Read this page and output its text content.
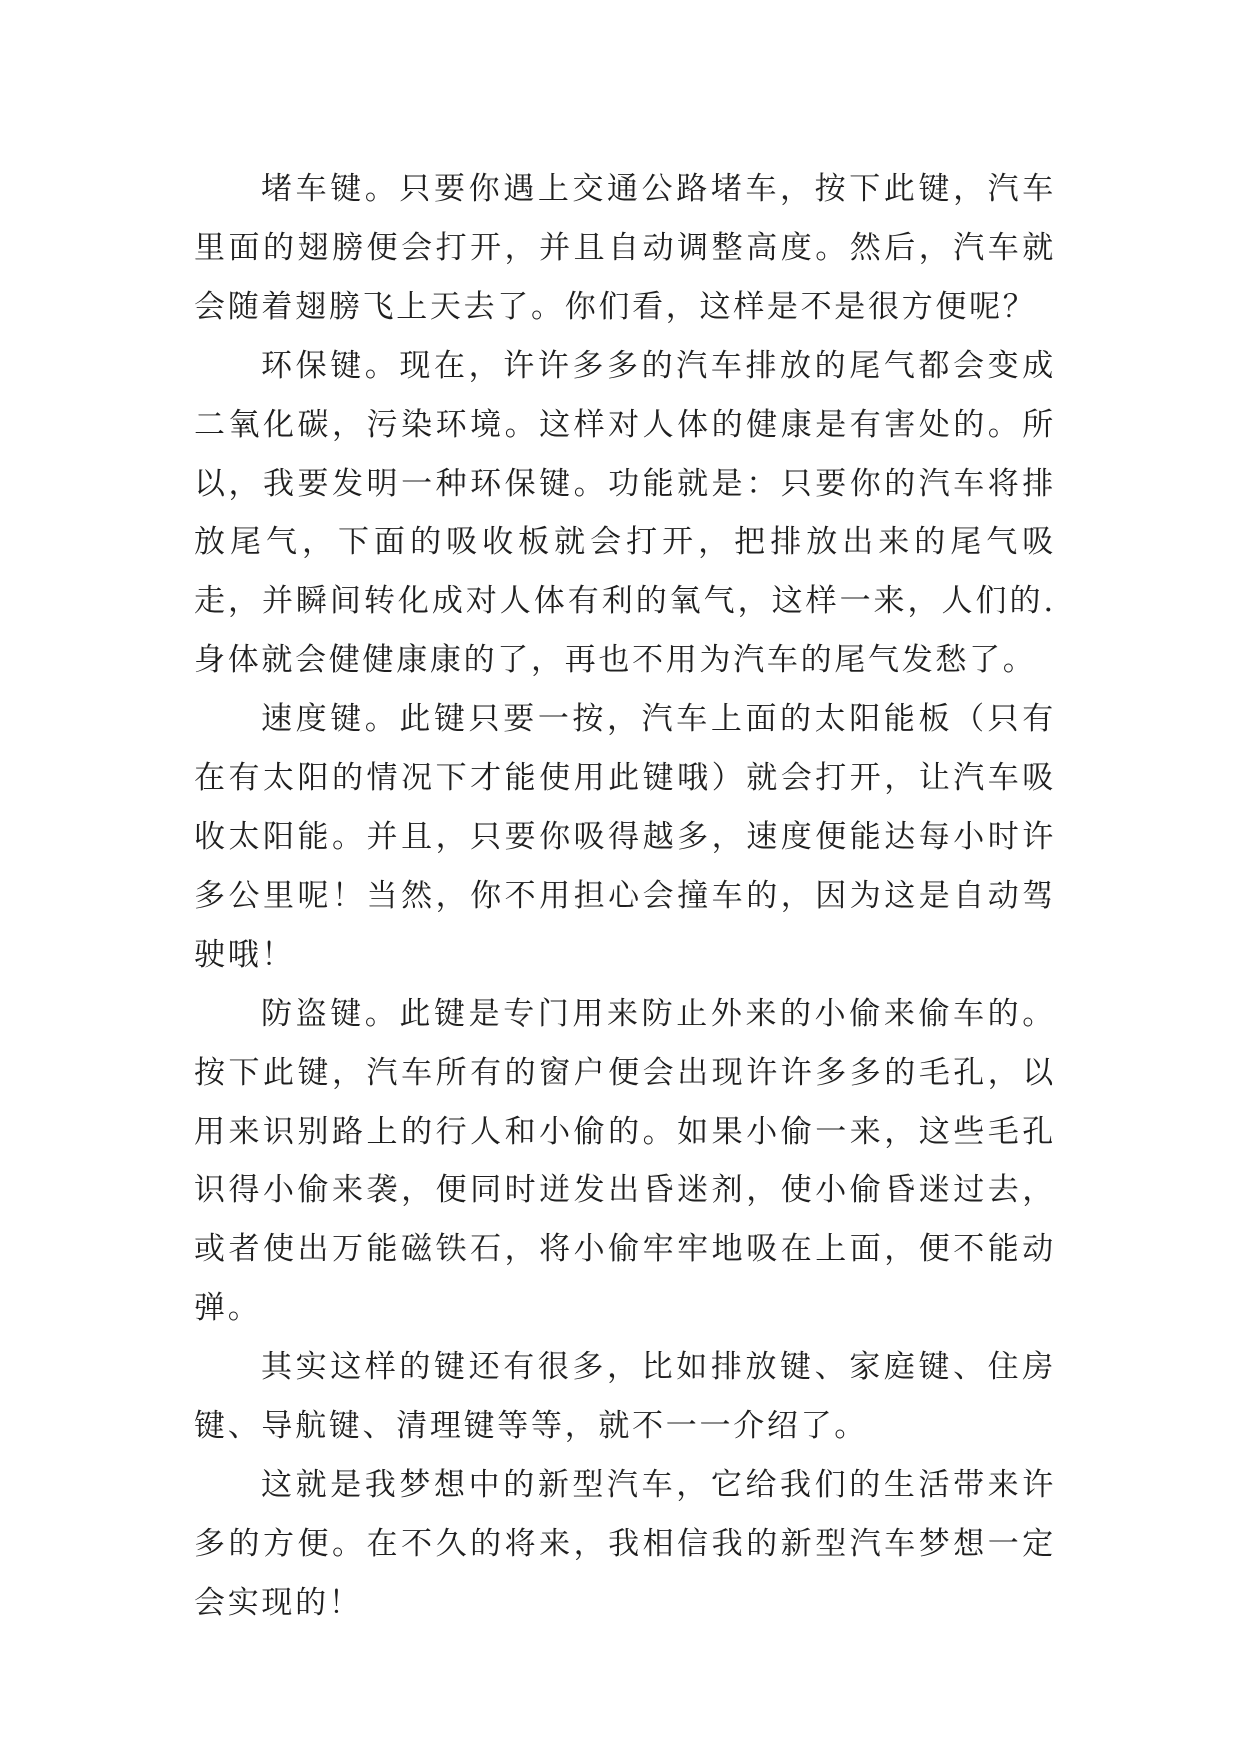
堵车键。只要你遇上交通公路堵车，按下此键，汽车里面的翅膀便会打开，并且自动调整高度。然后，汽车就会随着翅膀飞上天去了。你们看，这样是不是很方便呢？

环保键。现在，许许多多的汽车排放的尾气都会变成二氧化碳，污染环境。这样对人体的健康是有害处的。所以，我要发明一种环保键。功能就是：只要你的汽车将排放尾气，下面的吸收板就会打开，把排放出来的尾气吸走，并瞬间转化成对人体有利的氧气，这样一来，人们的.身体就会健健康康的了，再也不用为汽车的尾气发愁了。

速度键。此键只要一按，汽车上面的太阳能板（只有在有太阳的情况下才能使用此键哦）就会打开，让汽车吸收太阳能。并且，只要你吸得越多，速度便能达每小时许多公里呢！当然，你不用担心会撞车的，因为这是自动驾驶哦！

防盗键。此键是专门用来防止外来的小偷来偷车的。按下此键，汽车所有的窗户便会出现许许多多的毛孔，以用来识别路上的行人和小偷的。如果小偷一来，这些毛孔识得小偷来袭，便同时迸发出昏迷剂，使小偷昏迷过去，或者使出万能磁铁石，将小偷牢牢地吸在上面，便不能动弹。

其实这样的键还有很多，比如排放键、家庭键、住房键、导航键、清理键等等，就不一一介绍了。

这就是我梦想中的新型汽车，它给我们的生活带来许多的方便。在不久的将来，我相信我的新型汽车梦想一定会实现的！
